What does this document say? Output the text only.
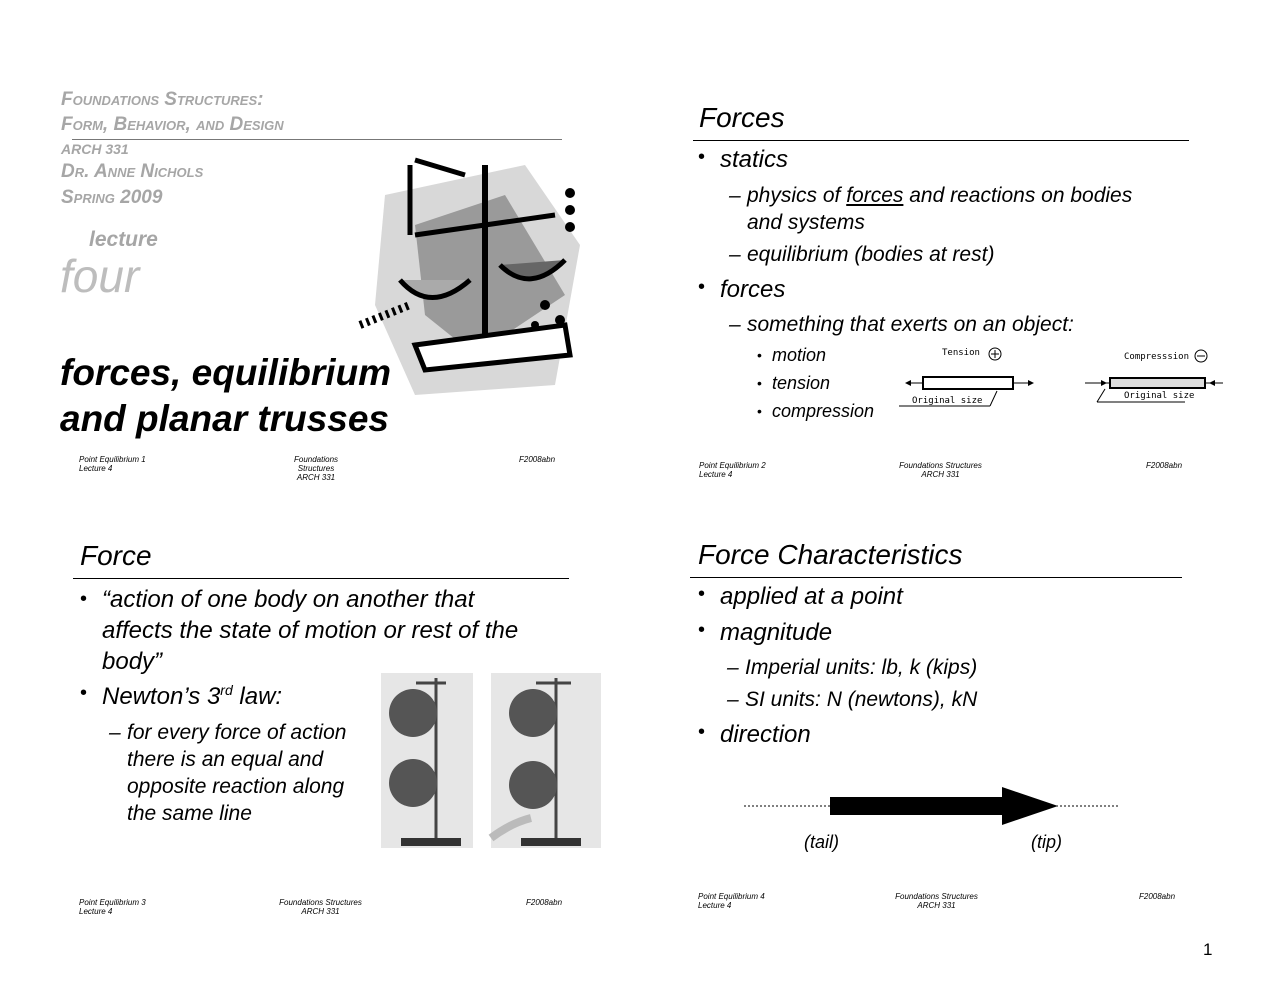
Foundations Structures:
Form, Behavior, and Design
ARCH 331
Dr. Anne Nichols
Spring 2009
lecture
four
forces, equilibrium
and planar trusses
Point Equilibrium 1
Lecture 4
Foundations Structures
ARCH 331
F2008abn
Forces
• statics
– physics of forces and reactions on bodies
and systems
– equilibrium (bodies at rest)
• forces
– something that exerts on an object:
• motion
• tension
• compression
Tension	Compresssion
Original size	Original size
Point Equilibrium 2
Lecture 4
Foundations Structures
ARCH 331
F2008abn
Force
• “action of one body on another that
affects the state of motion or rest of the
body”
• Newton’s 3rd law:
– for every force of action
there is an equal and
opposite reaction along
the same line
Point Equilibrium 3
Lecture 4
Foundations Structures
ARCH 331
F2008abn
Force Characteristics
• applied at a point
• magnitude
– Imperial units: lb, k (kips)
– SI units: N (newtons), kN
• direction
(tail)	(tip)
Point Equilibrium 4
Lecture 4
Foundations Structures
ARCH 331
F2008abn
1
